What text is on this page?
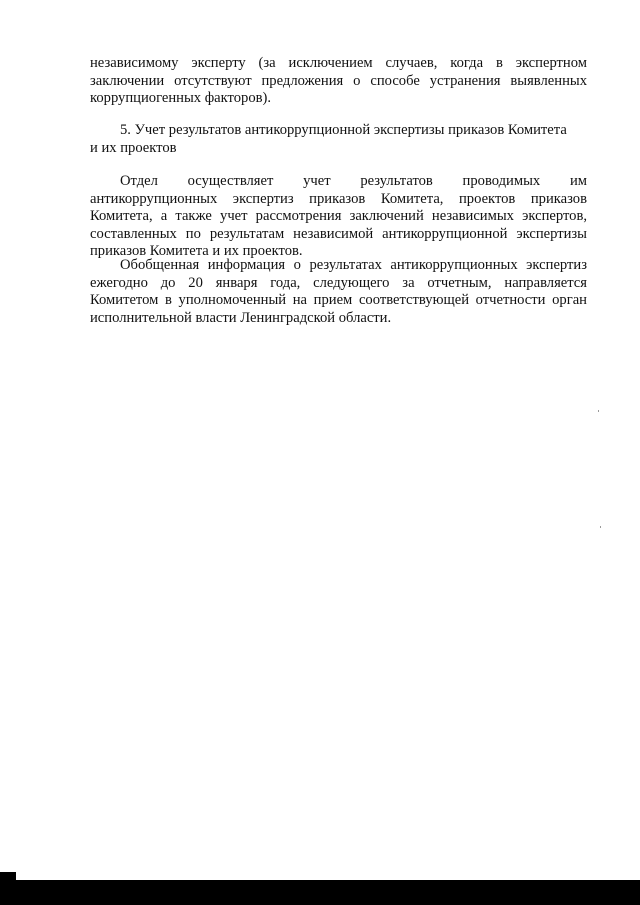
независимому эксперту (за исключением случаев, когда в экспертном
заключении отсутствуют предложения о способе устранения выявленных
коррупциогенных факторов).
5. Учет результатов антикоррупционной экспертизы приказов Комитета
и их проектов
Отдел осуществляет учет результатов проводимых им
антикоррупционных экспертиз приказов Комитета, проектов приказов
Комитета, а также учет рассмотрения заключений независимых экспертов,
составленных по результатам независимой антикоррупционной экспертизы
приказов Комитета и их проектов.
Обобщенная информация о результатах антикоррупционных экспертиз
ежегодно до 20 января года, следующего за отчетным, направляется
Комитетом в уполномоченный на прием соответствующей отчетности орган
исполнительной власти Ленинградской области.
